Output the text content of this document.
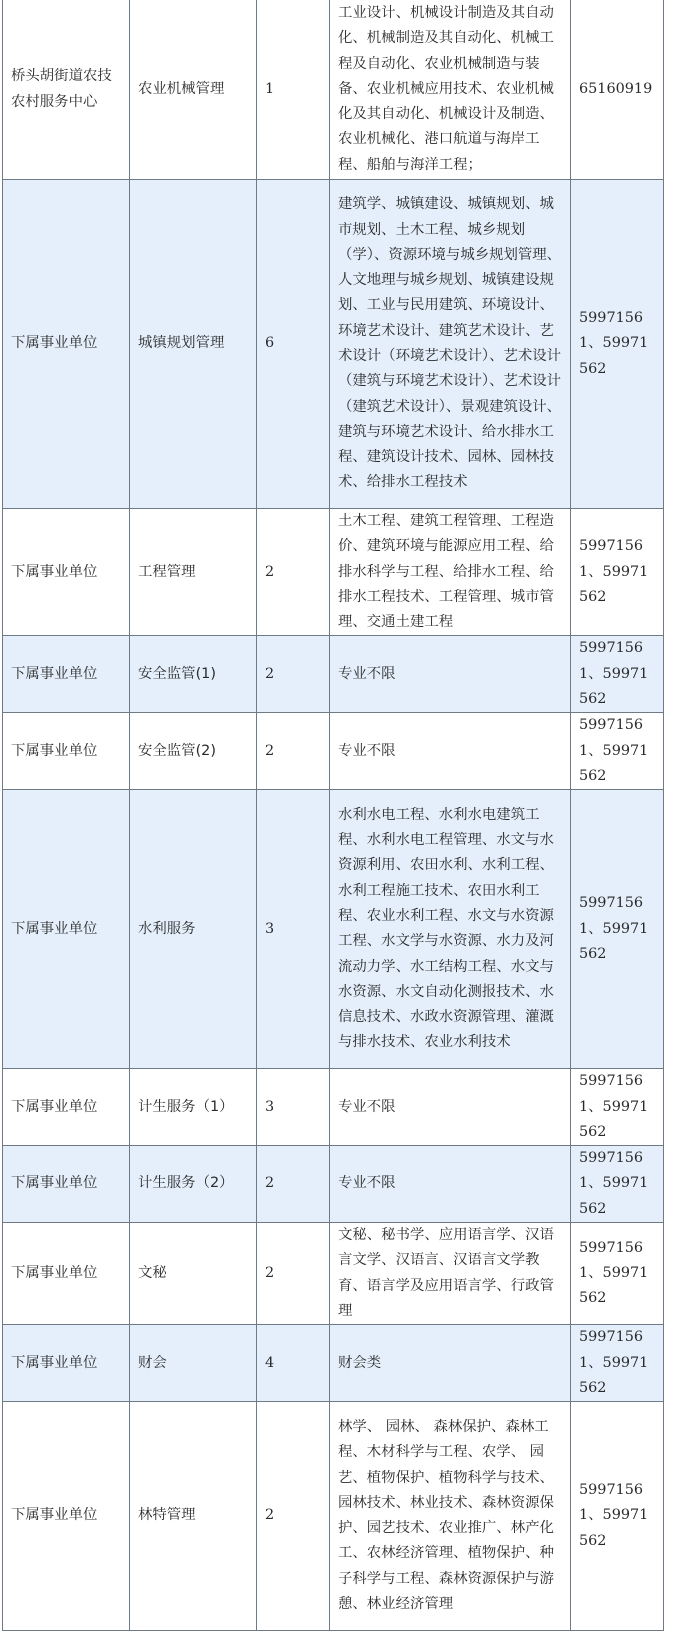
桥头胡街道农技农村服务中心	农业机械管理	1	工业设计、机械设计制造及其自动化、机械制造及其自动化、机械工程及自动化、农业机械制造与装备、农业机械应用技术、农业机械化及其自动化、机械设计及制造、农业机械化、港口航道与海岸工程、船舶与海洋工程；	65160919
下属事业单位	城镇规划管理	6	建筑学、城镇建设、城镇规划、城市规划、土木工程、城乡规划（学）、资源环境与城乡规划管理、人文地理与城乡规划、城镇建设规划、工业与民用建筑、环境设计、环境艺术设计、建筑艺术设计、艺术设计（环境艺术设计）、艺术设计（建筑与环境艺术设计）、艺术设计（建筑艺术设计）、景观建筑设计、建筑与环境艺术设计、给水排水工程、建筑设计技术、园林、园林技术、给排水工程技术	59971561、59971562
下属事业单位	工程管理	2	土木工程、建筑工程管理、工程造价、建筑环境与能源应用工程、给排水科学与工程、给排水工程、给排水工程技术、工程管理、城市管理、交通土建工程	59971561、59971562
下属事业单位	安全监管(1)	2	专业不限	59971561、59971562
下属事业单位	安全监管(2)	2	专业不限	59971561、59971562
下属事业单位	水利服务	3	水利水电工程、水利水电建筑工程、水利水电工程管理、水文与水资源利用、农田水利、水利工程、水利工程施工技术、农田水利工程、农业水利工程、水文与水资源工程、水文学与水资源、水力及河流动力学、水工结构工程、水文与水资源、水文自动化测报技术、水信息技术、水政水资源管理、灌溉与排水技术、农业水利技术	59971561、59971562
下属事业单位	计生服务（1）	3	专业不限	59971561、59971562
下属事业单位	计生服务（2）	2	专业不限	59971561、59971562
下属事业单位	文秘	2	文秘、秘书学、应用语言学、汉语言文学、汉语言、汉语言文学教育、语言学及应用语言学、行政管理	59971561、59971562
下属事业单位	财会	4	财会类	59971561、59971562
下属事业单位	林特管理	2	林学、 园林、 森林保护、森林工程、木材科学与工程、农学、 园艺、植物保护、植物科学与技术、园林技术、林业技术、森林资源保护、园艺技术、农业推广、林产化工、农林经济管理、植物保护、种子科学与工程、森林资源保护与游憩、林业经济管理	59971561、59971562
